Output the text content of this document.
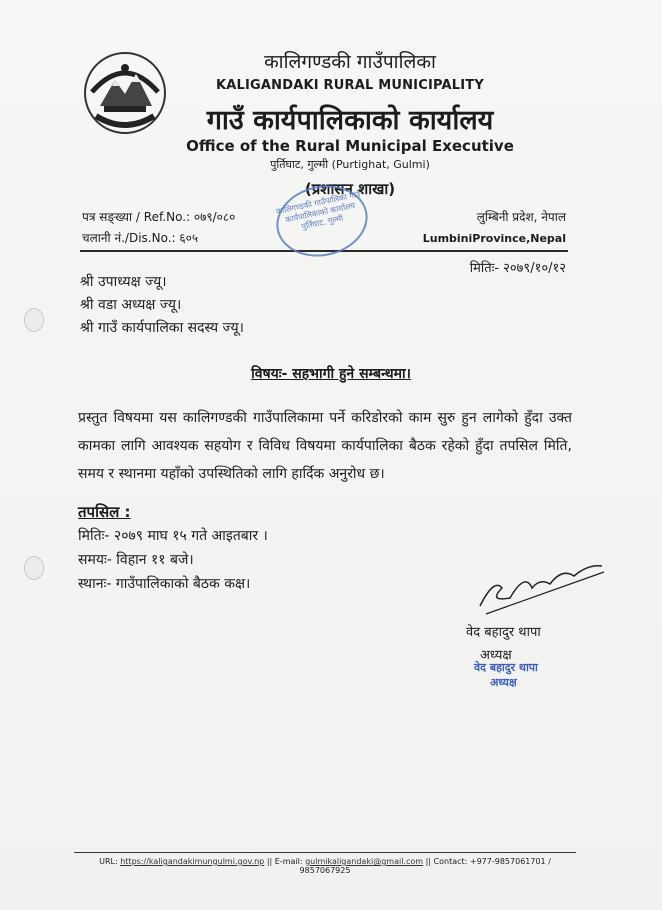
कालिगण्डकी गाउँपालिका
KALIGANDAKI RURAL MUNICIPALITY
गाउँ कार्यपालिकाको कार्यालय
Office of the Rural Municipal Executive
पुर्तिघाट, गुल्मी (Purtighat, Gulmi)
(प्रशासन शाखा)
पत्र सङ्ख्या / Ref.No.: ०७९/०८०
चलानी नं./Dis.No.: ६०५
लुम्बिनी प्रदेश, नेपाल
LumbiniProvince,Nepal
मितिः- २०७९/१०/१२
कालिगण्डकी गाउँपालिका गाउँ कार्यपालिकाको कार्यालय पुर्तिघाट, गुल्मी
श्री उपाध्यक्ष ज्यू।
श्री वडा अध्यक्ष ज्यू।
श्री गाउँ कार्यपालिका सदस्य ज्यू।
विषयः- सहभागी हुने सम्बन्धमा।
प्रस्तुत विषयमा यस कालिगण्डकी गाउँपालिकामा पर्ने करिडोरको काम सुरु हुन लागेको हुँदा उक्त कामका लागि आवश्यक सहयोग र विविध विषयमा कार्यपालिका बैठक रहेको हुँदा तपसिल मिति, समय र स्थानमा यहाँको उपस्थितिको लागि हार्दिक अनुरोध छ।
तपसिल :
मितिः- २०७९ माघ १५ गते आइतबार ।
समयः- विहान ११ बजे।
स्थानः- गाउँपालिकाको बैठक कक्ष।
वेद बहादुर थापा
अध्यक्ष
वेद बहादुर थापा
अध्यक्ष
URL: https://kaligandakimungulmi.gov.np || E-mail: gulmikaligandaki@gmail.com || Contact: +977-9857061701 / 9857067925
